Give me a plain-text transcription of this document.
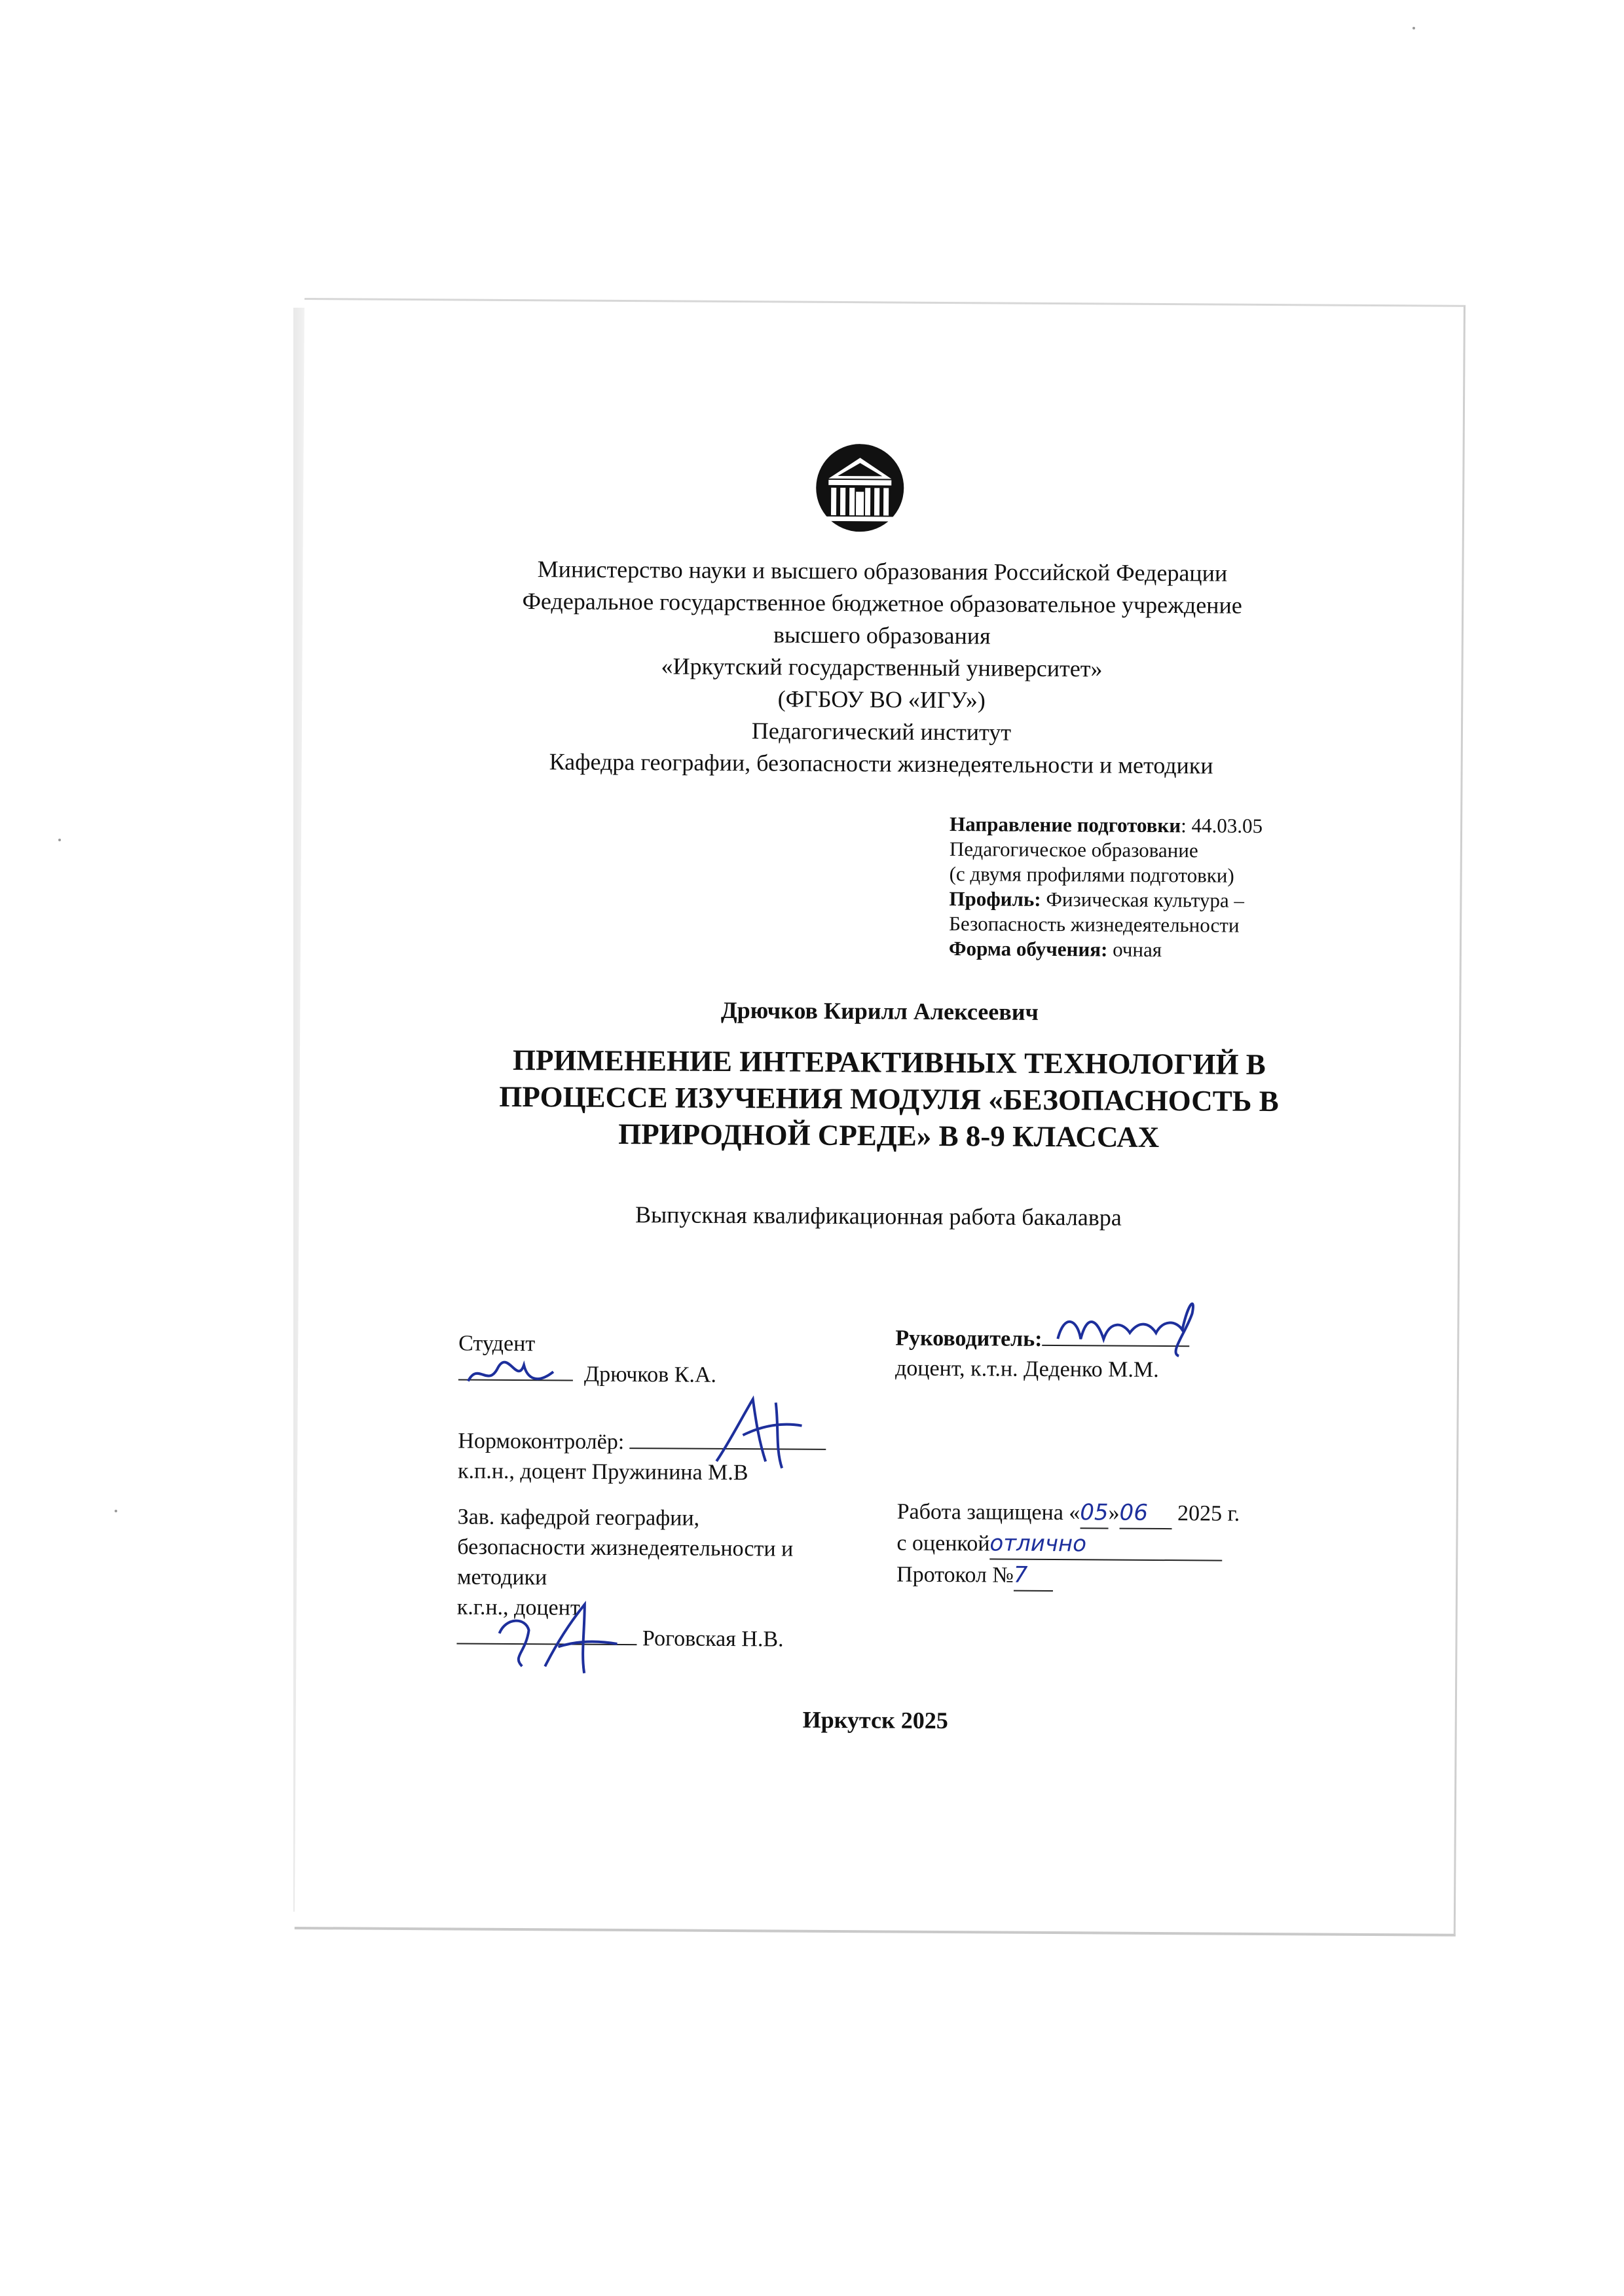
Министерство науки и высшего образования Российской Федерации
Федеральное государственное бюджетное образовательное учреждение
высшего образования
«Иркутский государственный университет»
(ФГБОУ ВО «ИГУ»)
Педагогический институт
Кафедра географии, безопасности жизнедеятельности и методики
Направление подготовки: 44.03.05
Педагогическое образование
(с двумя профилями подготовки)
Профиль: Физическая культура –
Безопасность жизнедеятельности
Форма обучения: очная
Дрючков Кирилл Алексеевич
ПРИМЕНЕНИЕ ИНТЕРАКТИВНЫХ ТЕХНОЛОГИЙ В
ПРОЦЕССЕ ИЗУЧЕНИЯ МОДУЛЯ «БЕЗОПАСНОСТЬ В
ПРИРОДНОЙ СРЕДЕ» В 8-9 КЛАССАХ
Выпускная квалификационная работа бакалавра
Студент
Дрючков К.А.
Руководитель:
доцент, к.т.н. Деденко М.М.
Нормоконтролёр:
к.п.н., доцент Пружинина М.В
Зав. кафедрой географии,
безопасности жизнедеятельности и
методики
к.г.н., доцент
Роговская Н.В.
Работа защищена «05»06 2025 г.
с оценкойотлично
Протокол №7
Иркутск 2025
